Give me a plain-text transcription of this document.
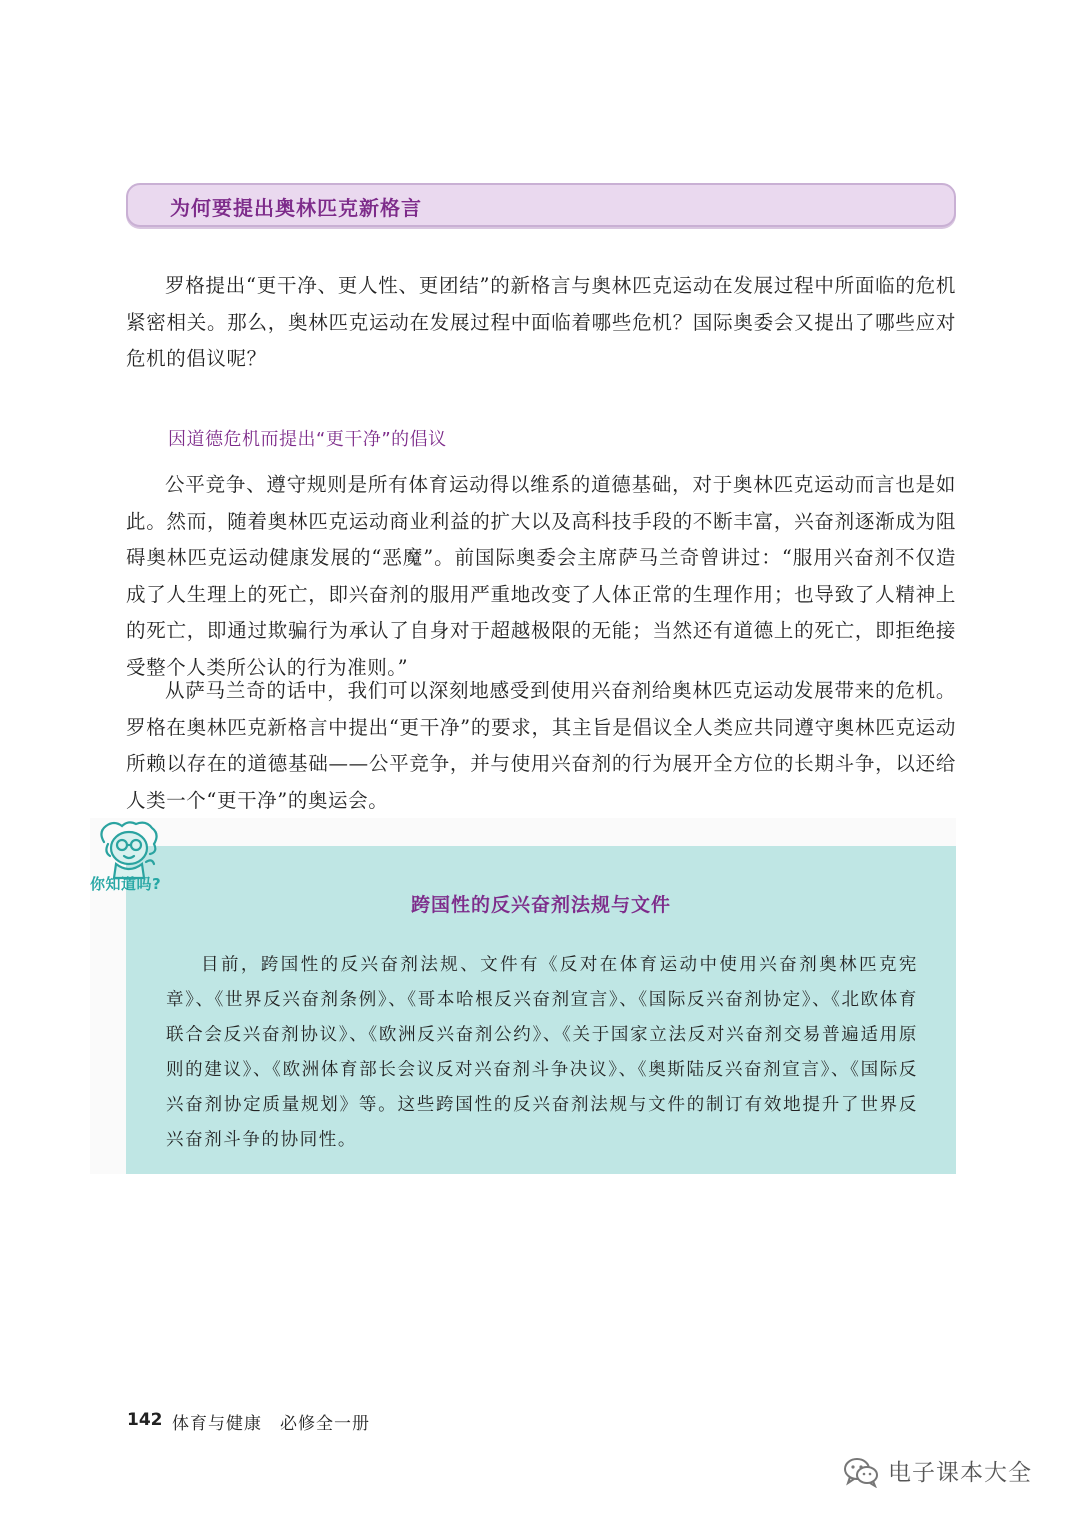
为何要提出奥林匹克新格言

罗格提出“更干净、更人性、更团结”的新格言与奥林匹克运动在发展过程中所面临的危机紧密相关。那么，奥林匹克运动在发展过程中面临着哪些危机？国际奥委会又提出了哪些应对危机的倡议呢？

因道德危机而提出“更干净”的倡议

公平竞争、遵守规则是所有体育运动得以维系的道德基础，对于奥林匹克运动而言也是如此。然而，随着奥林匹克运动商业利益的扩大以及高科技手段的不断丰富，兴奋剂逐渐成为阻碍奥林匹克运动健康发展的“恶魔”。前国际奥委会主席萨马兰奇曾讲过：“服用兴奋剂不仅造成了人生理上的死亡，即兴奋剂的服用严重地改变了人体正常的生理作用；也导致了人精神上的死亡，即通过欺骗行为承认了自身对于超越极限的无能；当然还有道德上的死亡，即拒绝接受整个人类所公认的行为准则。”

从萨马兰奇的话中，我们可以深刻地感受到使用兴奋剂给奥林匹克运动发展带来的危机。罗格在奥林匹克新格言中提出“更干净”的要求，其主旨是倡议全人类应共同遵守奥林匹克运动所赖以存在的道德基础——公平竞争，并与使用兴奋剂的行为展开全方位的长期斗争，以还给人类一个“更干净”的奥运会。

你知道吗?
跨国性的反兴奋剂法规与文件

目前，跨国性的反兴奋剂法规、文件有《反对在体育运动中使用兴奋剂奥林匹克宪章》、《世界反兴奋剂条例》、《哥本哈根反兴奋剂宣言》、《国际反兴奋剂协定》、《北欧体育联合会反兴奋剂协议》、《欧洲反兴奋剂公约》、《关于国家立法反对兴奋剂交易普遍适用原则的建议》、《欧洲体育部长会议反对兴奋剂斗争决议》、《奥斯陆反兴奋剂宣言》、《国际反兴奋剂协定质量规划》等。这些跨国性的反兴奋剂法规与文件的制订有效地提升了世界反兴奋剂斗争的协同性。

142 体育与健康　必修全一册
电子课本大全
